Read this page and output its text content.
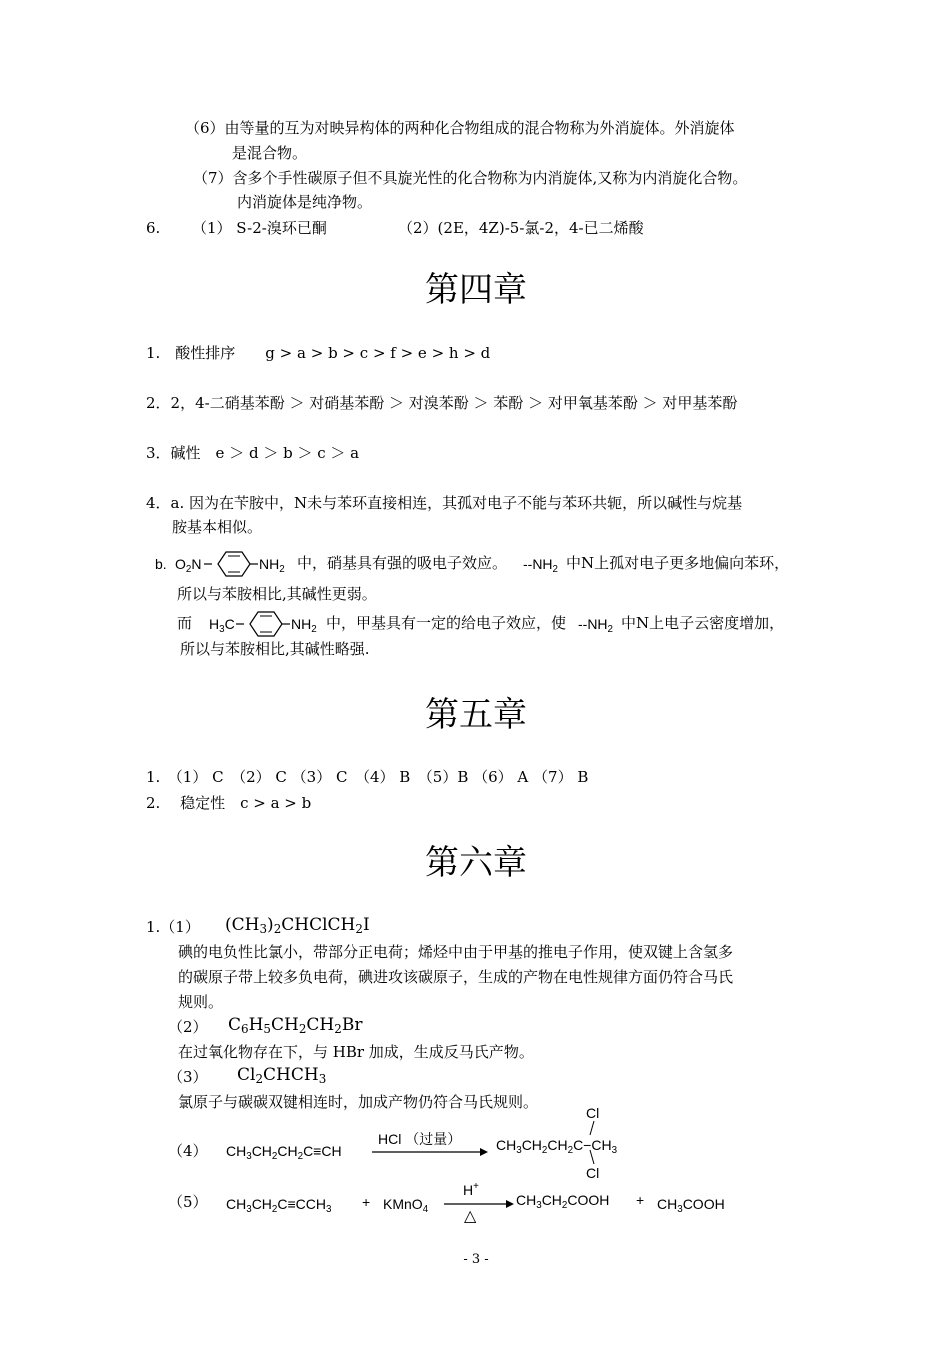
（6）由等量的互为对映异构体的两种化合物组成的混合物称为外消旋体。外消旋体
是混合物。
（7）含多个手性碳原子但不具旋光性的化合物称为内消旋体,又称为内消旋化合物。
内消旋体是纯净物。
6. （1） S-2-溴环已酮	（2）(2E，4Z)-5-氯-2，4-已二烯酸
第四章
1.　酸性排序　　g > a > b > c > f > e > h > d
2．2，4-二硝基苯酚 ＞ 对硝基苯酚 ＞ 对溴苯酚 ＞ 苯酚 ＞ 对甲氧基苯酚 ＞ 对甲基苯酚
3．碱性　e ＞ d ＞ b ＞ c ＞ a
4．a. 因为在苄胺中，N未与苯环直接相连，其孤对电子不能与苯环共轭，所以碱性与烷基
胺基本相似。
b. $O_2N$	$NH_2$ 中，硝基具有强的吸电子效应。 $--NH_2$ 中N上孤对电子更多地偏向苯环，
所以与苯胺相比,其碱性更弱。
而 $H_3C$	$NH_2$ 中，甲基具有一定的给电子效应，使 $--NH_2$ 中N上电子云密度增加，
所以与苯胺相比,其碱性略强.
第五章
1.　（1） C　（2） C （3） C　（4） B　（5）B （6） A （7） B
2.　 稳定性　c > a > b
第六章
1.（1） $(CH_3)_2CHClCH_2I$
碘的电负性比氯小，带部分正电荷；烯烃中由于甲基的推电子作用，使双键上含氢多
的碳原子带上较多负电荷，碘进攻该碳原子，生成的产物在电性规律方面仍符合马氏
规则。
（2） $C_6H_5CH_2CH_2Br$
在过氧化物存在下，与 HBr 加成，生成反马氏产物。
（3） $Cl_2CHCH_3$
氯原子与碳碳双键相连时，加成产物仍符合马氏规则。
（4） $CH_3CH_2CH_2C\equiv CH$
HCl （过量） $CH_3CH_2CH_2C-CH_3$
Cl
Cl
（5） $CH_3CH_2C\equiv CCH_3$ + KMnO$_4$
H+
△
$CH_3CH_2COOH$ + $CH_3COOH$
- 3 -
